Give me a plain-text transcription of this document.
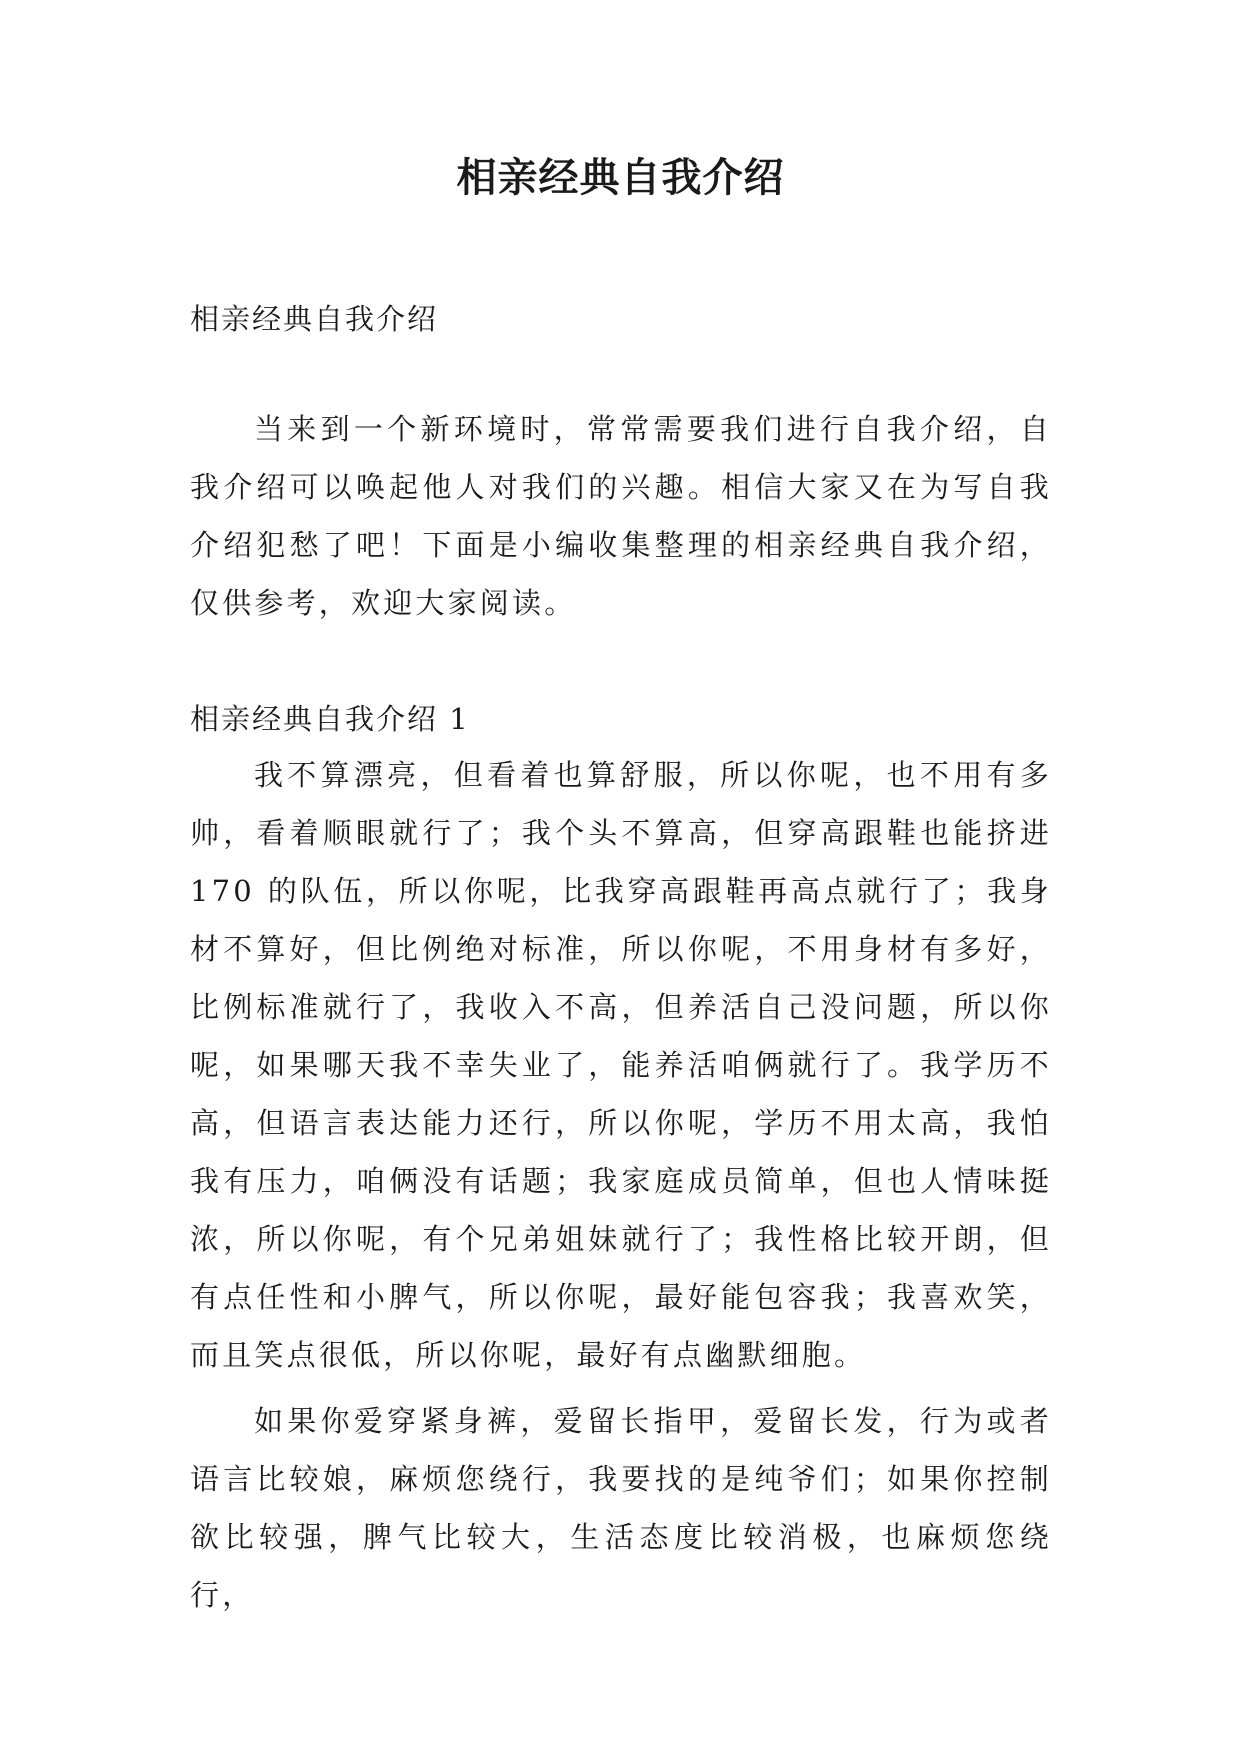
相亲经典自我介绍

相亲经典自我介绍

当来到一个新环境时，常常需要我们进行自我介绍，自我介绍可以唤起他人对我们的兴趣。相信大家又在为写自我介绍犯愁了吧！下面是小编收集整理的相亲经典自我介绍，仅供参考，欢迎大家阅读。

相亲经典自我介绍 1

我不算漂亮，但看着也算舒服，所以你呢，也不用有多帅，看着顺眼就行了；我个头不算高，但穿高跟鞋也能挤进 170 的队伍，所以你呢，比我穿高跟鞋再高点就行了；我身材不算好，但比例绝对标准，所以你呢，不用身材有多好，比例标准就行了，我收入不高，但养活自己没问题，所以你呢，如果哪天我不幸失业了，能养活咱俩就行了。我学历不高，但语言表达能力还行，所以你呢，学历不用太高，我怕我有压力，咱俩没有话题；我家庭成员简单，但也人情味挺浓，所以你呢，有个兄弟姐妹就行了；我性格比较开朗，但有点任性和小脾气，所以你呢，最好能包容我；我喜欢笑，而且笑点很低，所以你呢，最好有点幽默细胞。

如果你爱穿紧身裤，爱留长指甲，爱留长发，行为或者语言比较娘，麻烦您绕行，我要找的是纯爷们；如果你控制欲比较强，脾气比较大，生活态度比较消极，也麻烦您绕行，
